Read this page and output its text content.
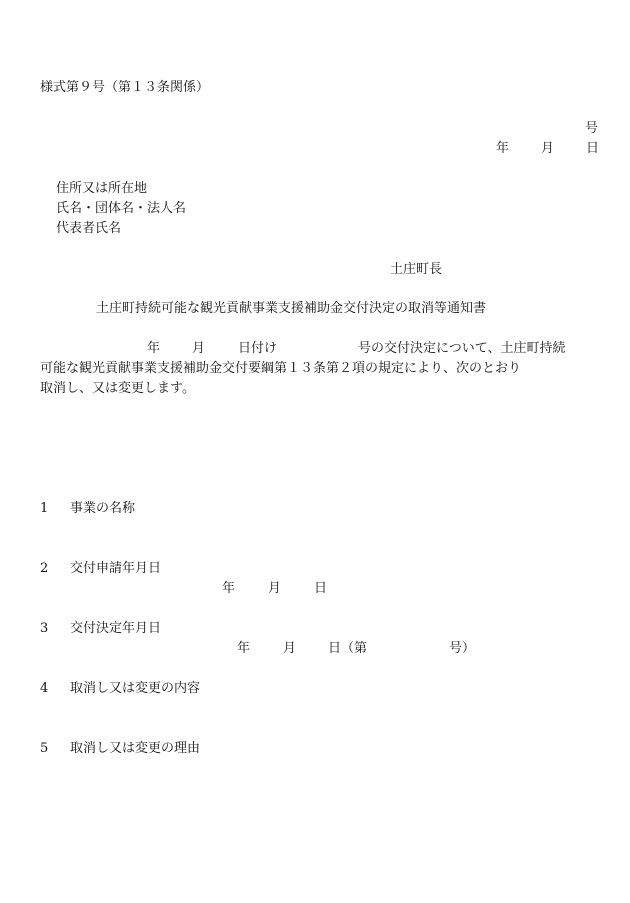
様式第９号（第１３条関係）
号
年 月 日
住所又は所在地
氏名・団体名・法人名
代表者氏名
土庄町長
土庄町持続可能な観光貢献事業支援補助金交付決定の取消等通知書
年 月	日付け	号の交付決定について、土庄町持続
可能な観光貢献事業支援補助金交付要綱第１３条第２項の規定により、次のとおり
取消し、又は変更します。
1 事業の名称
2 交付申請年月日
年	月	日
3 交付決定年月日
年	月 日（第	号）
4 取消し又は変更の内容
5 取消し又は変更の理由
